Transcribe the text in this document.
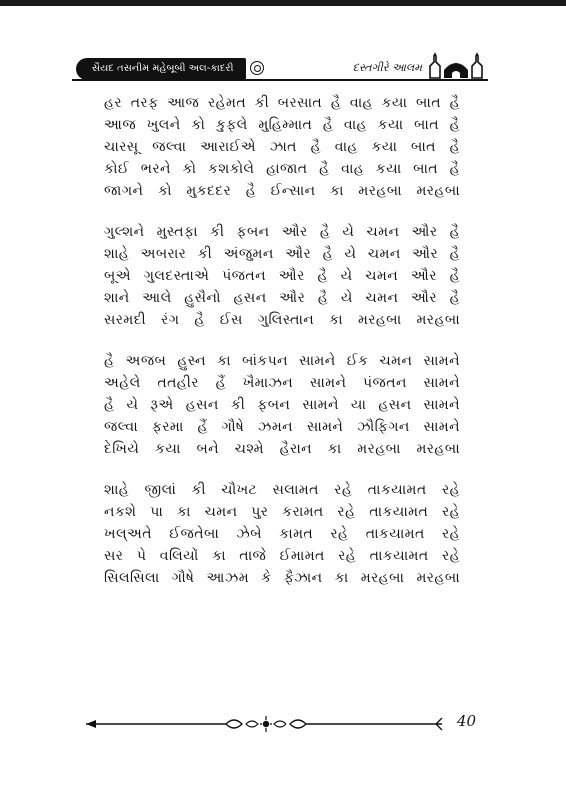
સૈયદ તસનીમ મહેબૂબી અલ-કાદરી	દસ્તગીરે આલમ
હર તરફ આજ રહેમત કી બરસાત હૈ વાહ કયા બાત હૈ
આજ ખુલને કો કુફલે મુહિમ્માત હૈ વાહ કયા બાત હૈ
ચારસૂ જલ્વા આરાઈએ ઝાત હૈ વાહ કયા બાત હૈ
કોઈ ભરને કો કશકોલે હાજાત હૈ વાહ કયા બાત હૈ
જાગને કો મુકદદર હૈ ઈન્સાન કા મરહબા મરહબા
ગુલ્શને મુસ્તફા કી ફબન ઔર હૈ યે ચમન ઔર હૈ
શાહે અબરાર કી અંજુમન ઔર હૈ યે ચમન ઔર હૈ
બૂએ ગુલદસ્તાએ પંજતન ઔર હૈ યે ચમન ઔર હૈ
શાને આલે હુસૈનો હસન ઔર હૈ યે ચમન ઔર હૈ
સરમદી રંગ હૈ ઈસ ગુલિસ્તાન કા મરહબા મરહબા
હૈ અજબ હુસ્ન કા બાંકપન સામને ઈક ચમન સામને
અહેલે તતહીર હૈં ખૈમાઝન સામને પંજતન સામને
હૈ યે રૂએ હસન કી ફબન સામને યા હસન સામને
જલ્વા ફરમા હૈં ગૌષે ઝમન સામને ઝૌફિગન સામને
દેખિયે કયા બને ચશ્મે હૈરાન કા મરહબા મરહબા
શાહે જીલાં કી ચૌખટ સલામત રહે તાકયામત રહે
નકશે પા કા ચમન પુર કરામત રહે તાકયામત રહે
ખલ્અતે ઈજતેબા ઝેબે કામત રહે તાકયામત રહે
સર પે વલિયોં કા તાજે ઈમામત રહે તાકયામત રહે
સિલસિલા ગૌષે આઝમ કે ફૈઝાન કા મરહબા મરહબા
40
